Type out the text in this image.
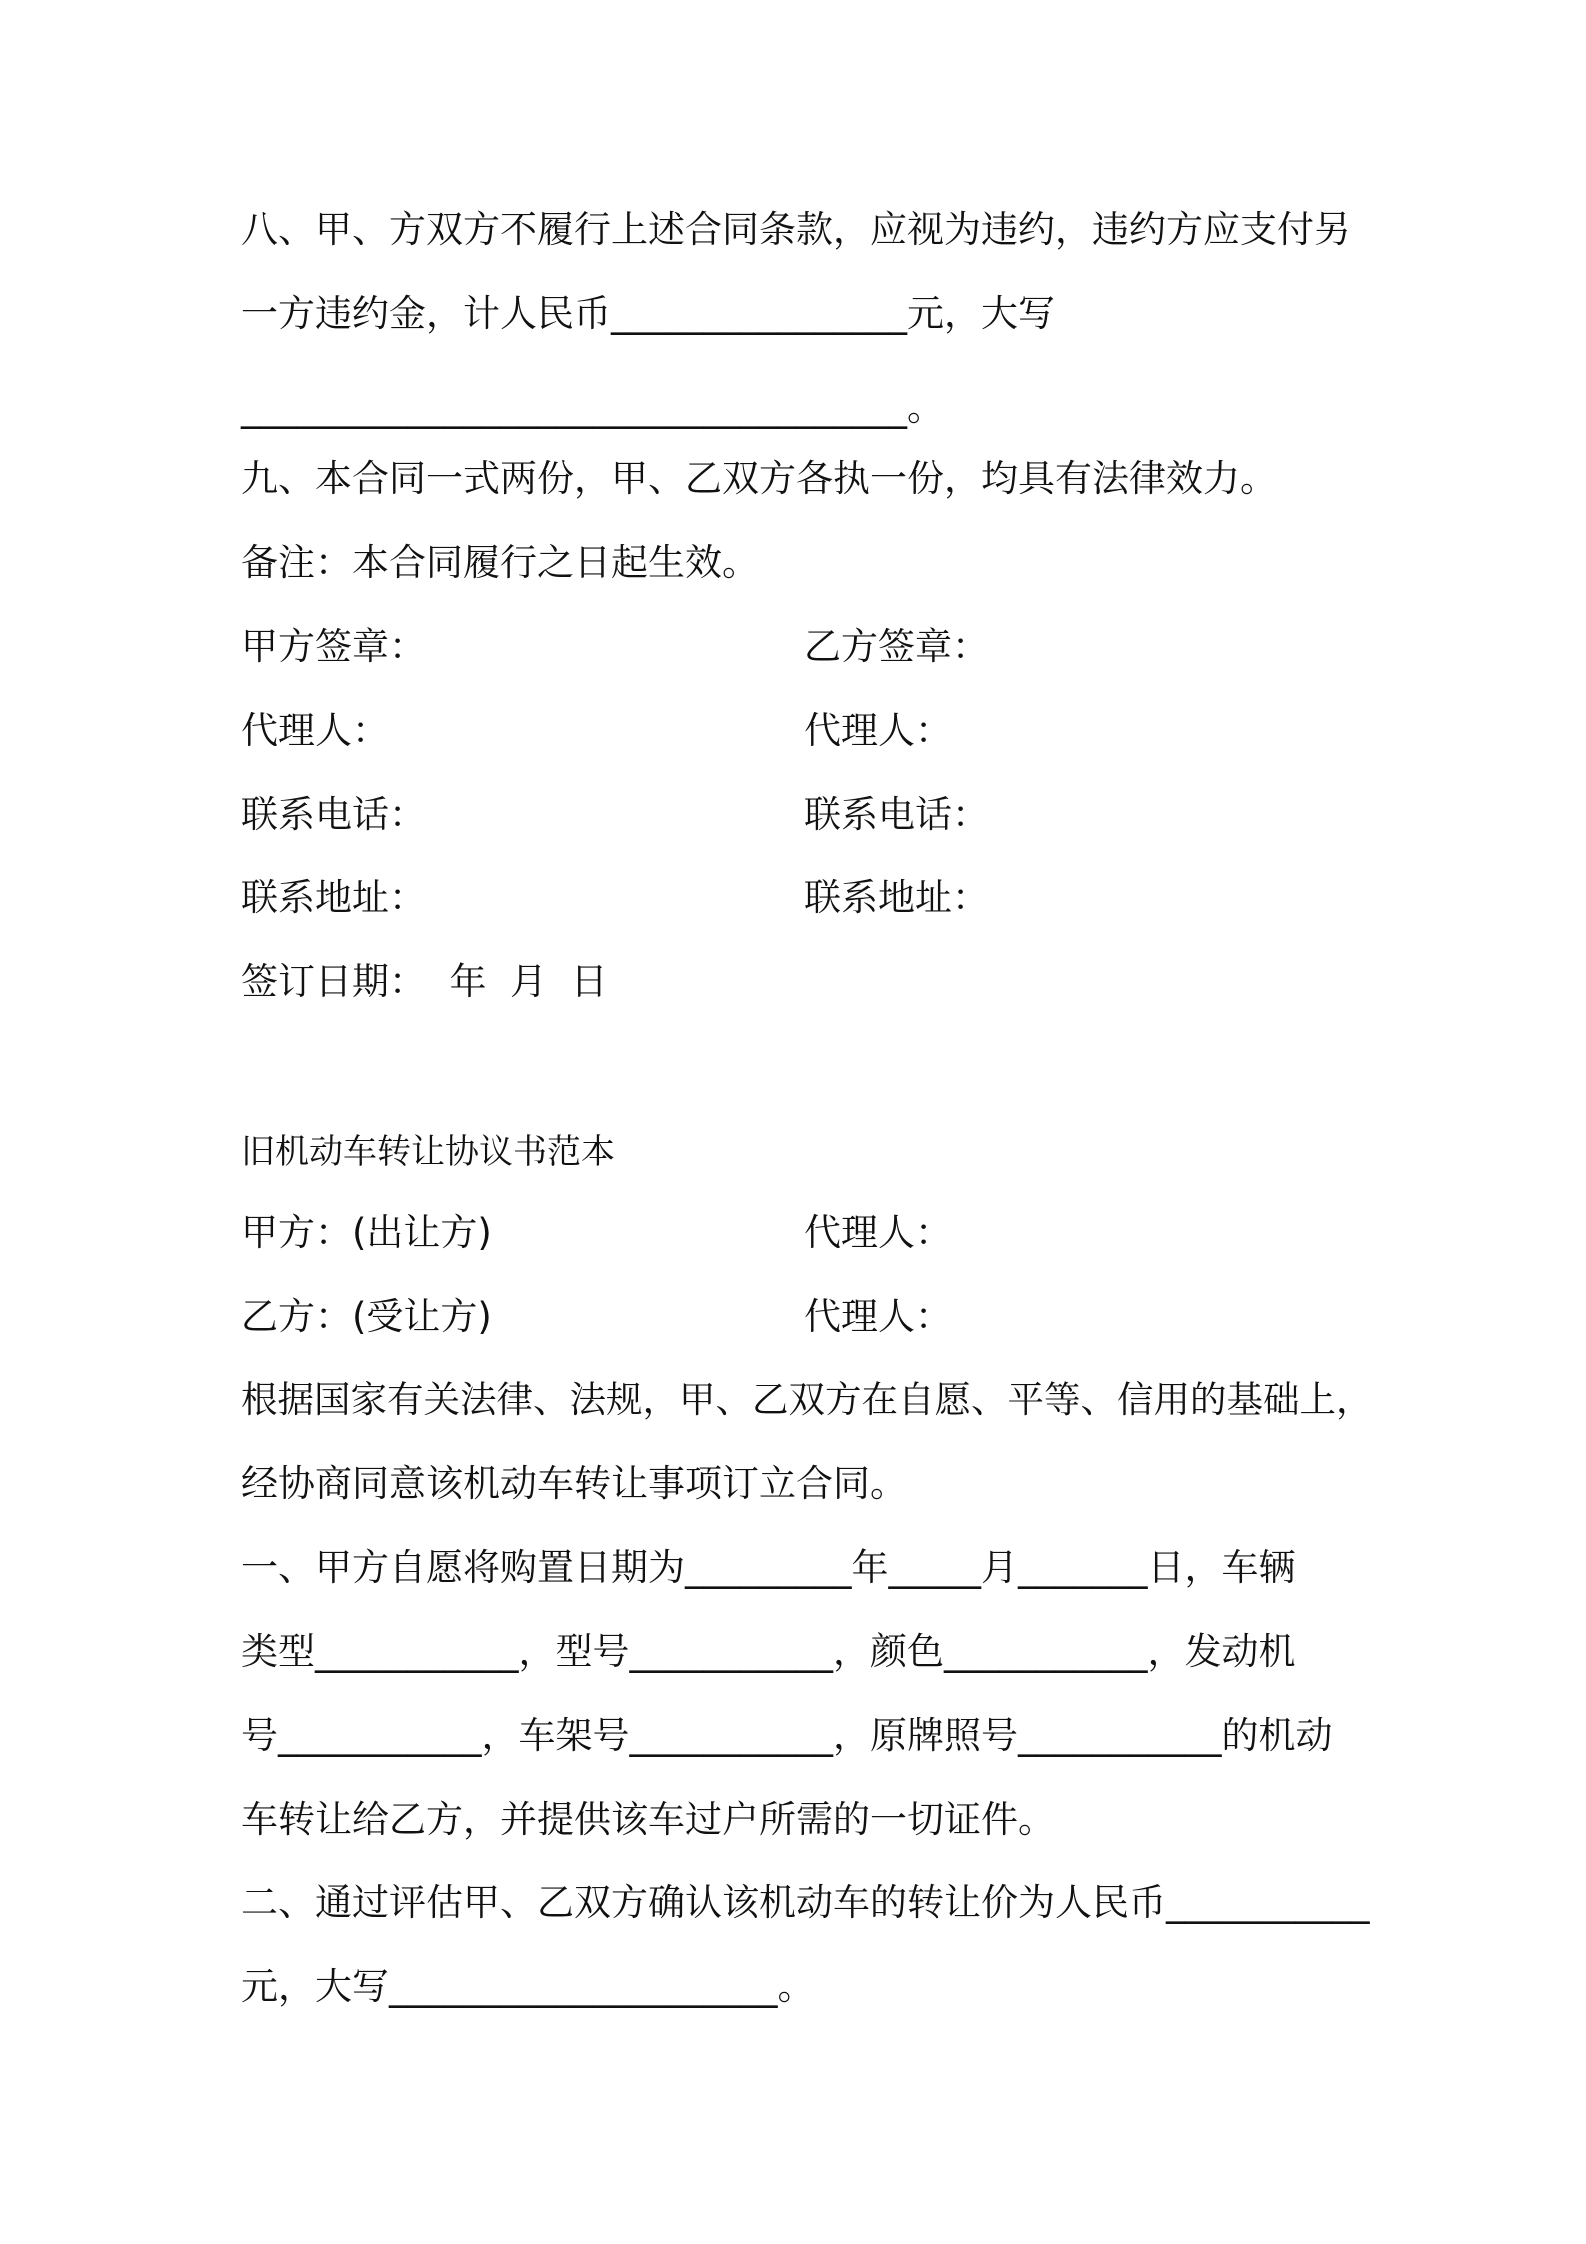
八、甲、方双方不履行上述合同条款，应视为违约，违约方应支付另
一方违约金，计人民币________________元，大写
____________________________________。
九、本合同一式两份，甲、乙双方各执一份，均具有法律效力。
备注：本合同履行之日起生效。
甲方签章：	乙方签章：
代理人：	代理人：
联系电话：	联系电话：
联系地址：	联系地址：
签订日期：  年  月  日
旧机动车转让协议书范本
甲方：(出让方)	代理人：
乙方：(受让方)	代理人：
根据国家有关法律、法规，甲、乙双方在自愿、平等、信用的基础上，
经协商同意该机动车转让事项订立合同。
一、甲方自愿将购置日期为_________年_____月_______日，车辆
类型___________，型号___________，颜色___________，发动机
号___________，车架号___________，原牌照号___________的机动
车转让给乙方，并提供该车过户所需的一切证件。
二、通过评估甲、乙双方确认该机动车的转让价为人民币___________
元，大写_____________________。
